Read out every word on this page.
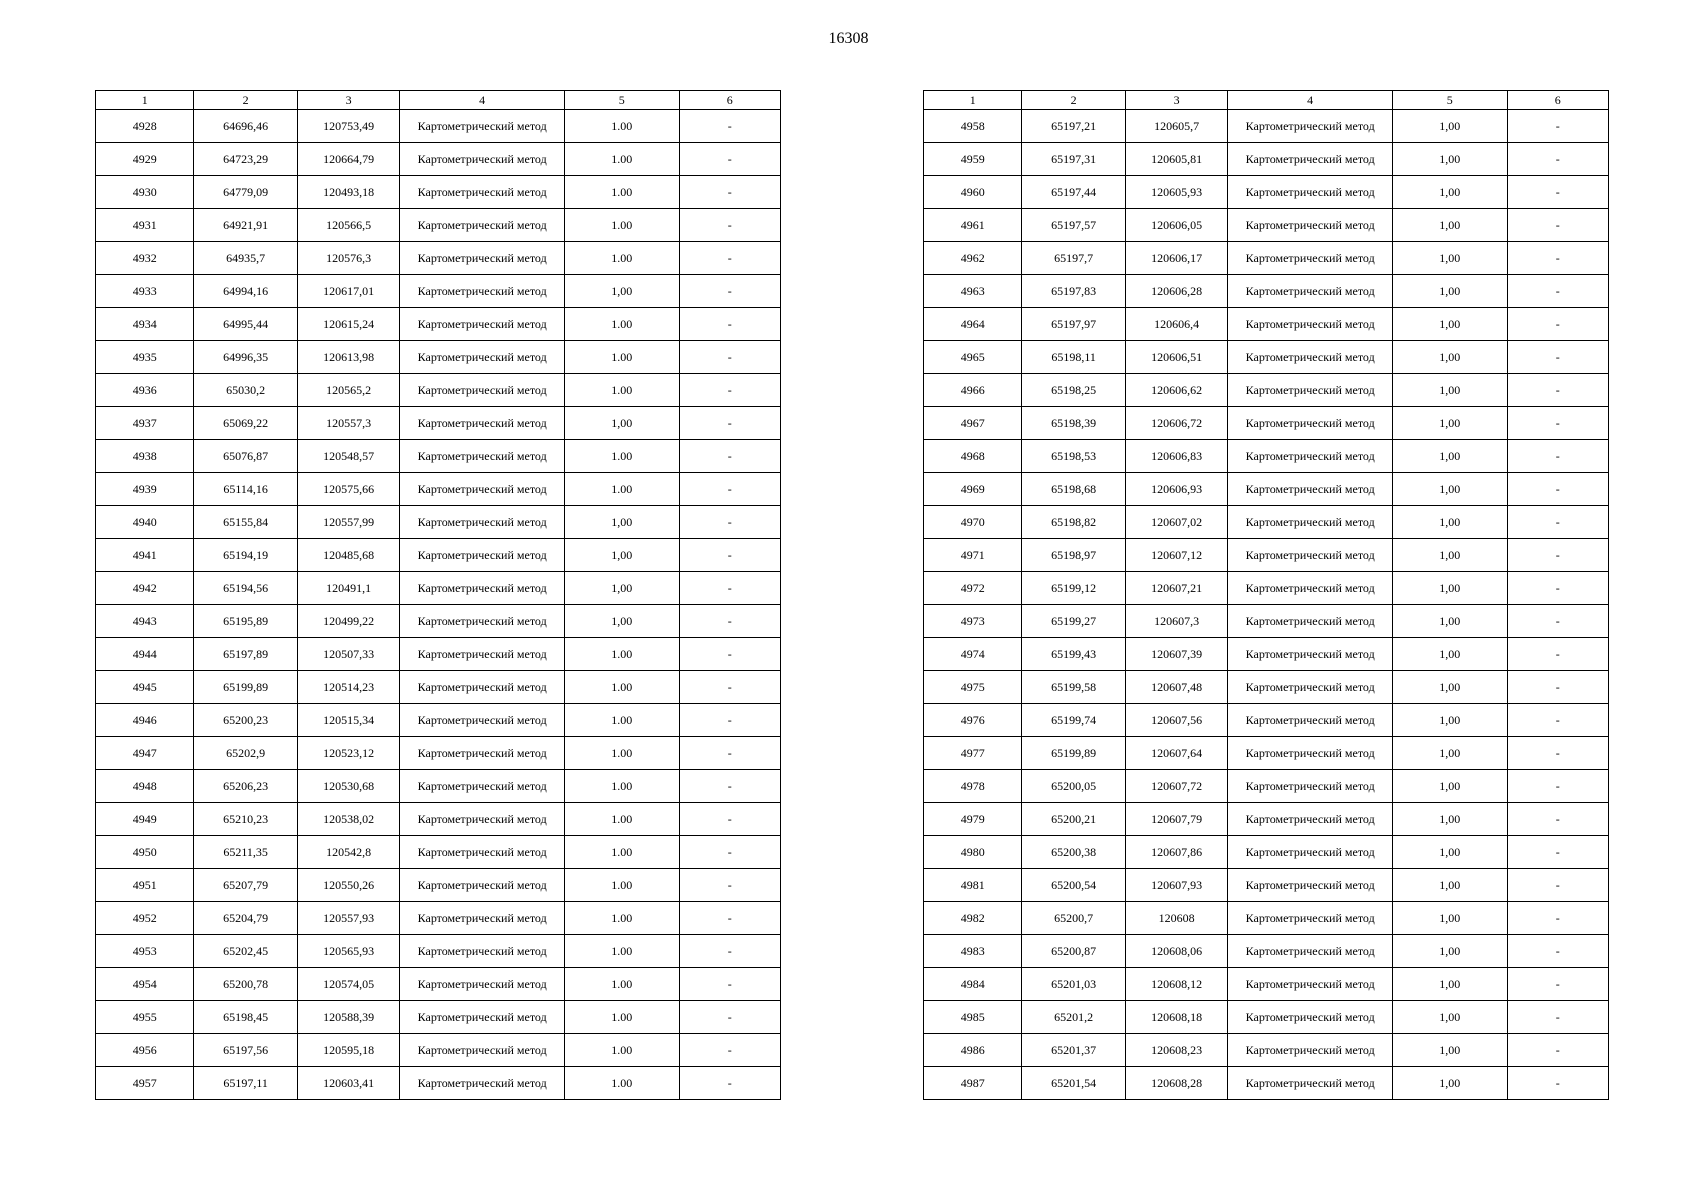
16308
1	2	3	4	5	6
4928	64696,46	120753,49	Картометрический метод	1.00	-
4929	64723,29	120664,79	Картометрический метод	1.00	-
4930	64779,09	120493,18	Картометрический метод	1.00	-
4931	64921,91	120566,5	Картометрический метод	1.00	-
4932	64935,7	120576,3	Картометрический метод	1.00	-
4933	64994,16	120617,01	Картометрический метод	1,00	-
4934	64995,44	120615,24	Картометрический метод	1.00	-
4935	64996,35	120613,98	Картометрический метод	1.00	-
4936	65030,2	120565,2	Картометрический метод	1.00	-
4937	65069,22	120557,3	Картометрический метод	1,00	-
4938	65076,87	120548,57	Картометрический метод	1.00	-
4939	65114,16	120575,66	Картометрический метод	1.00	-
4940	65155,84	120557,99	Картометрический метод	1,00	-
4941	65194,19	120485,68	Картометрический метод	1,00	-
4942	65194,56	120491,1	Картометрический метод	1,00	-
4943	65195,89	120499,22	Картометрический метод	1,00	-
4944	65197,89	120507,33	Картометрический метод	1.00	-
4945	65199,89	120514,23	Картометрический метод	1.00	-
4946	65200,23	120515,34	Картометрический метод	1.00	-
4947	65202,9	120523,12	Картометрический метод	1.00	-
4948	65206,23	120530,68	Картометрический метод	1.00	-
4949	65210,23	120538,02	Картометрический метод	1.00	-
4950	65211,35	120542,8	Картометрический метод	1.00	-
4951	65207,79	120550,26	Картометрический метод	1.00	-
4952	65204,79	120557,93	Картометрический метод	1.00	-
4953	65202,45	120565,93	Картометрический метод	1.00	-
4954	65200,78	120574,05	Картометрический метод	1.00	-
4955	65198,45	120588,39	Картометрический метод	1.00	-
4956	65197,56	120595,18	Картометрический метод	1.00	-
4957	65197,11	120603,41	Картометрический метод	1.00	-
1	2	3	4	5	6
4958	65197,21	120605,7	Картометрический метод	1,00	-
4959	65197,31	120605,81	Картометрический метод	1,00	-
4960	65197,44	120605,93	Картометрический метод	1,00	-
4961	65197,57	120606,05	Картометрический метод	1,00	-
4962	65197,7	120606,17	Картометрический метод	1,00	-
4963	65197,83	120606,28	Картометрический метод	1,00	-
4964	65197,97	120606,4	Картометрический метод	1,00	-
4965	65198,11	120606,51	Картометрический метод	1,00	-
4966	65198,25	120606,62	Картометрический метод	1,00	-
4967	65198,39	120606,72	Картометрический метод	1,00	-
4968	65198,53	120606,83	Картометрический метод	1,00	-
4969	65198,68	120606,93	Картометрический метод	1,00	-
4970	65198,82	120607,02	Картометрический метод	1,00	-
4971	65198,97	120607,12	Картометрический метод	1,00	-
4972	65199,12	120607,21	Картометрический метод	1,00	-
4973	65199,27	120607,3	Картометрический метод	1,00	-
4974	65199,43	120607,39	Картометрический метод	1,00	-
4975	65199,58	120607,48	Картометрический метод	1,00	-
4976	65199,74	120607,56	Картометрический метод	1,00	-
4977	65199,89	120607,64	Картометрический метод	1,00	-
4978	65200,05	120607,72	Картометрический метод	1,00	-
4979	65200,21	120607,79	Картометрический метод	1,00	-
4980	65200,38	120607,86	Картометрический метод	1,00	-
4981	65200,54	120607,93	Картометрический метод	1,00	-
4982	65200,7	120608	Картометрический метод	1,00	-
4983	65200,87	120608,06	Картометрический метод	1,00	-
4984	65201,03	120608,12	Картометрический метод	1,00	-
4985	65201,2	120608,18	Картометрический метод	1,00	-
4986	65201,37	120608,23	Картометрический метод	1,00	-
4987	65201,54	120608,28	Картометрический метод	1,00	-
